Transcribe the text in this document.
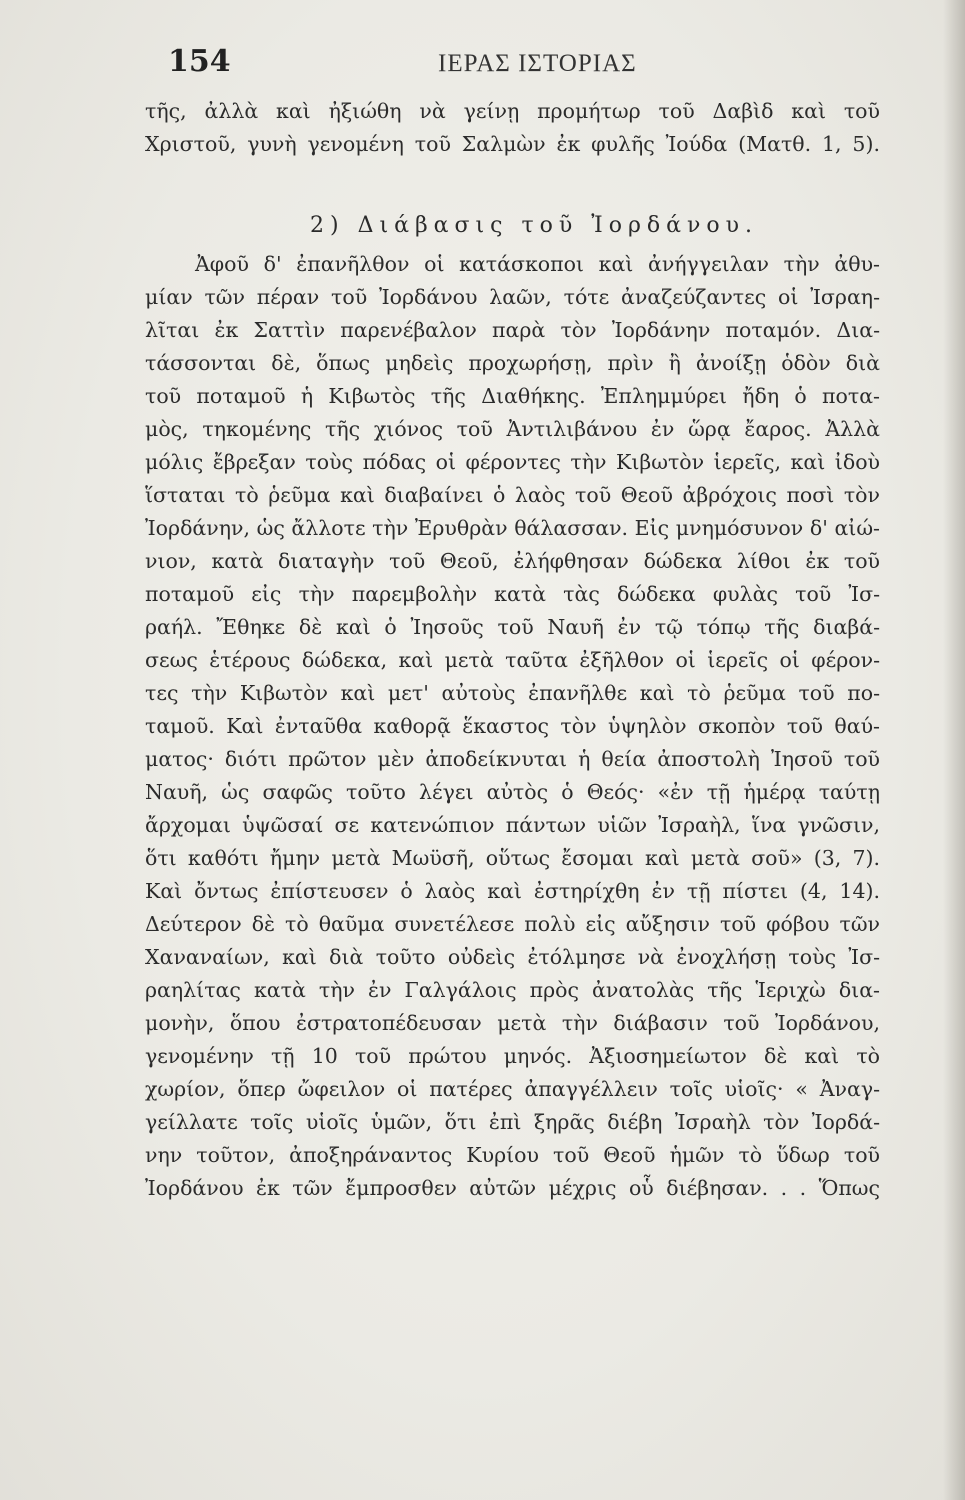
154	ΙΕΡΑΣ ΙΣΤΟΡΙΑΣ
τῆς, ἀλλὰ καὶ ἠξιώθη νὰ γείνῃ προμήτωρ τοῦ Δαβὶδ καὶ τοῦ
Χριστοῦ, γυνὴ γενομένη τοῦ Σαλμὼν ἐκ φυλῆς Ἰούδα (Ματθ. 1, 5).
2) Διάβασις τοῦ Ἰορδάνου.
Ἀφοῦ δ' ἐπανῆλθον οἱ κατάσκοποι καὶ ἀνήγγειλαν τὴν ἀθυ-
μίαν τῶν πέραν τοῦ Ἰορδάνου λαῶν, τότε ἀναζεύζαντες οἱ Ἰσραη-
λῖται ἐκ Σαττὶν παρενέβαλον παρὰ τὸν Ἰορδάνην ποταμόν. Δια-
τάσσονται δὲ, ὅπως μηδεὶς προχωρήσῃ, πρὶν ἢ ἀνοίξῃ ὁδὸν διὰ
τοῦ ποταμοῦ ἡ Κιβωτὸς τῆς Διαθήκης. Ἐπλημμύρει ἤδη ὁ ποτα-
μὸς, τηκομένης τῆς χιόνος τοῦ Ἀντιλιβάνου ἐν ὥρᾳ ἔαρος. Ἀλλὰ
μόλις ἔβρεξαν τοὺς πόδας οἱ φέροντες τὴν Κιβωτὸν ἱερεῖς, καὶ ἰδοὺ
ἵσταται τὸ ῥεῦμα καὶ διαβαίνει ὁ λαὸς τοῦ Θεοῦ ἀβρόχοις ποσὶ τὸν
Ἰορδάνην, ὡς ἄλλοτε τὴν Ἐρυθρὰν θάλασσαν. Εἰς μνημόσυνον δ' αἰώ-
νιον, κατὰ διαταγὴν τοῦ Θεοῦ, ἐλήφθησαν δώδεκα λίθοι ἐκ τοῦ
ποταμοῦ εἰς τὴν παρεμβολὴν κατὰ τὰς δώδεκα φυλὰς τοῦ Ἰσ-
ραήλ. Ἔθηκε δὲ καὶ ὁ Ἰησοῦς τοῦ Ναυῆ ἐν τῷ τόπῳ τῆς διαβά-
σεως ἑτέρους δώδεκα, καὶ μετὰ ταῦτα ἐξῆλθον οἱ ἱερεῖς οἱ φέρον-
τες τὴν Κιβωτὸν καὶ μετ' αὐτοὺς ἐπανῆλθε καὶ τὸ ῥεῦμα τοῦ πο-
ταμοῦ. Καὶ ἐνταῦθα καθορᾷ ἕκαστος τὸν ὑψηλὸν σκοπὸν τοῦ θαύ-
ματος· διότι πρῶτον μὲν ἀποδείκνυται ἡ θεία ἀποστολὴ Ἰησοῦ τοῦ
Ναυῆ, ὡς σαφῶς τοῦτο λέγει αὐτὸς ὁ Θεός· «ἐν τῇ ἡμέρᾳ ταύτῃ
ἄρχομαι ὑψῶσαί σε κατενώπιον πάντων υἱῶν Ἰσραὴλ, ἵνα γνῶσιν,
ὅτι καθότι ἤμην μετὰ Μωϋσῆ, οὕτως ἔσομαι καὶ μετὰ σοῦ» (3, 7).
Καὶ ὄντως ἐπίστευσεν ὁ λαὸς καὶ ἐστηρίχθη ἐν τῇ πίστει (4, 14).
Δεύτερον δὲ τὸ θαῦμα συνετέλεσε πολὺ εἰς αὔξησιν τοῦ φόβου τῶν
Χαναναίων, καὶ διὰ τοῦτο οὐδεὶς ἐτόλμησε νὰ ἐνοχλήσῃ τοὺς Ἰσ-
ραηλίτας κατὰ τὴν ἐν Γαλγάλοις πρὸς ἀνατολὰς τῆς Ἱεριχὼ δια-
μονὴν, ὅπου ἐστρατοπέδευσαν μετὰ τὴν διάβασιν τοῦ Ἰορδάνου,
γενομένην τῇ 10 τοῦ πρώτου μηνός. Ἀξιοσημείωτον δὲ καὶ τὸ
χωρίον, ὅπερ ὤφειλον οἱ πατέρες ἀπαγγέλλειν τοῖς υἱοῖς· « Ἀναγ-
γείλλατε τοῖς υἱοῖς ὑμῶν, ὅτι ἐπὶ ξηρᾶς διέβη Ἰσραὴλ τὸν Ἰορδά-
νην τοῦτον, ἀποξηράναντος Κυρίου τοῦ Θεοῦ ἡμῶν τὸ ὕδωρ τοῦ
Ἰορδάνου ἐκ τῶν ἔμπροσθεν αὐτῶν μέχρις οὗ διέβησαν. . . Ὅπως
